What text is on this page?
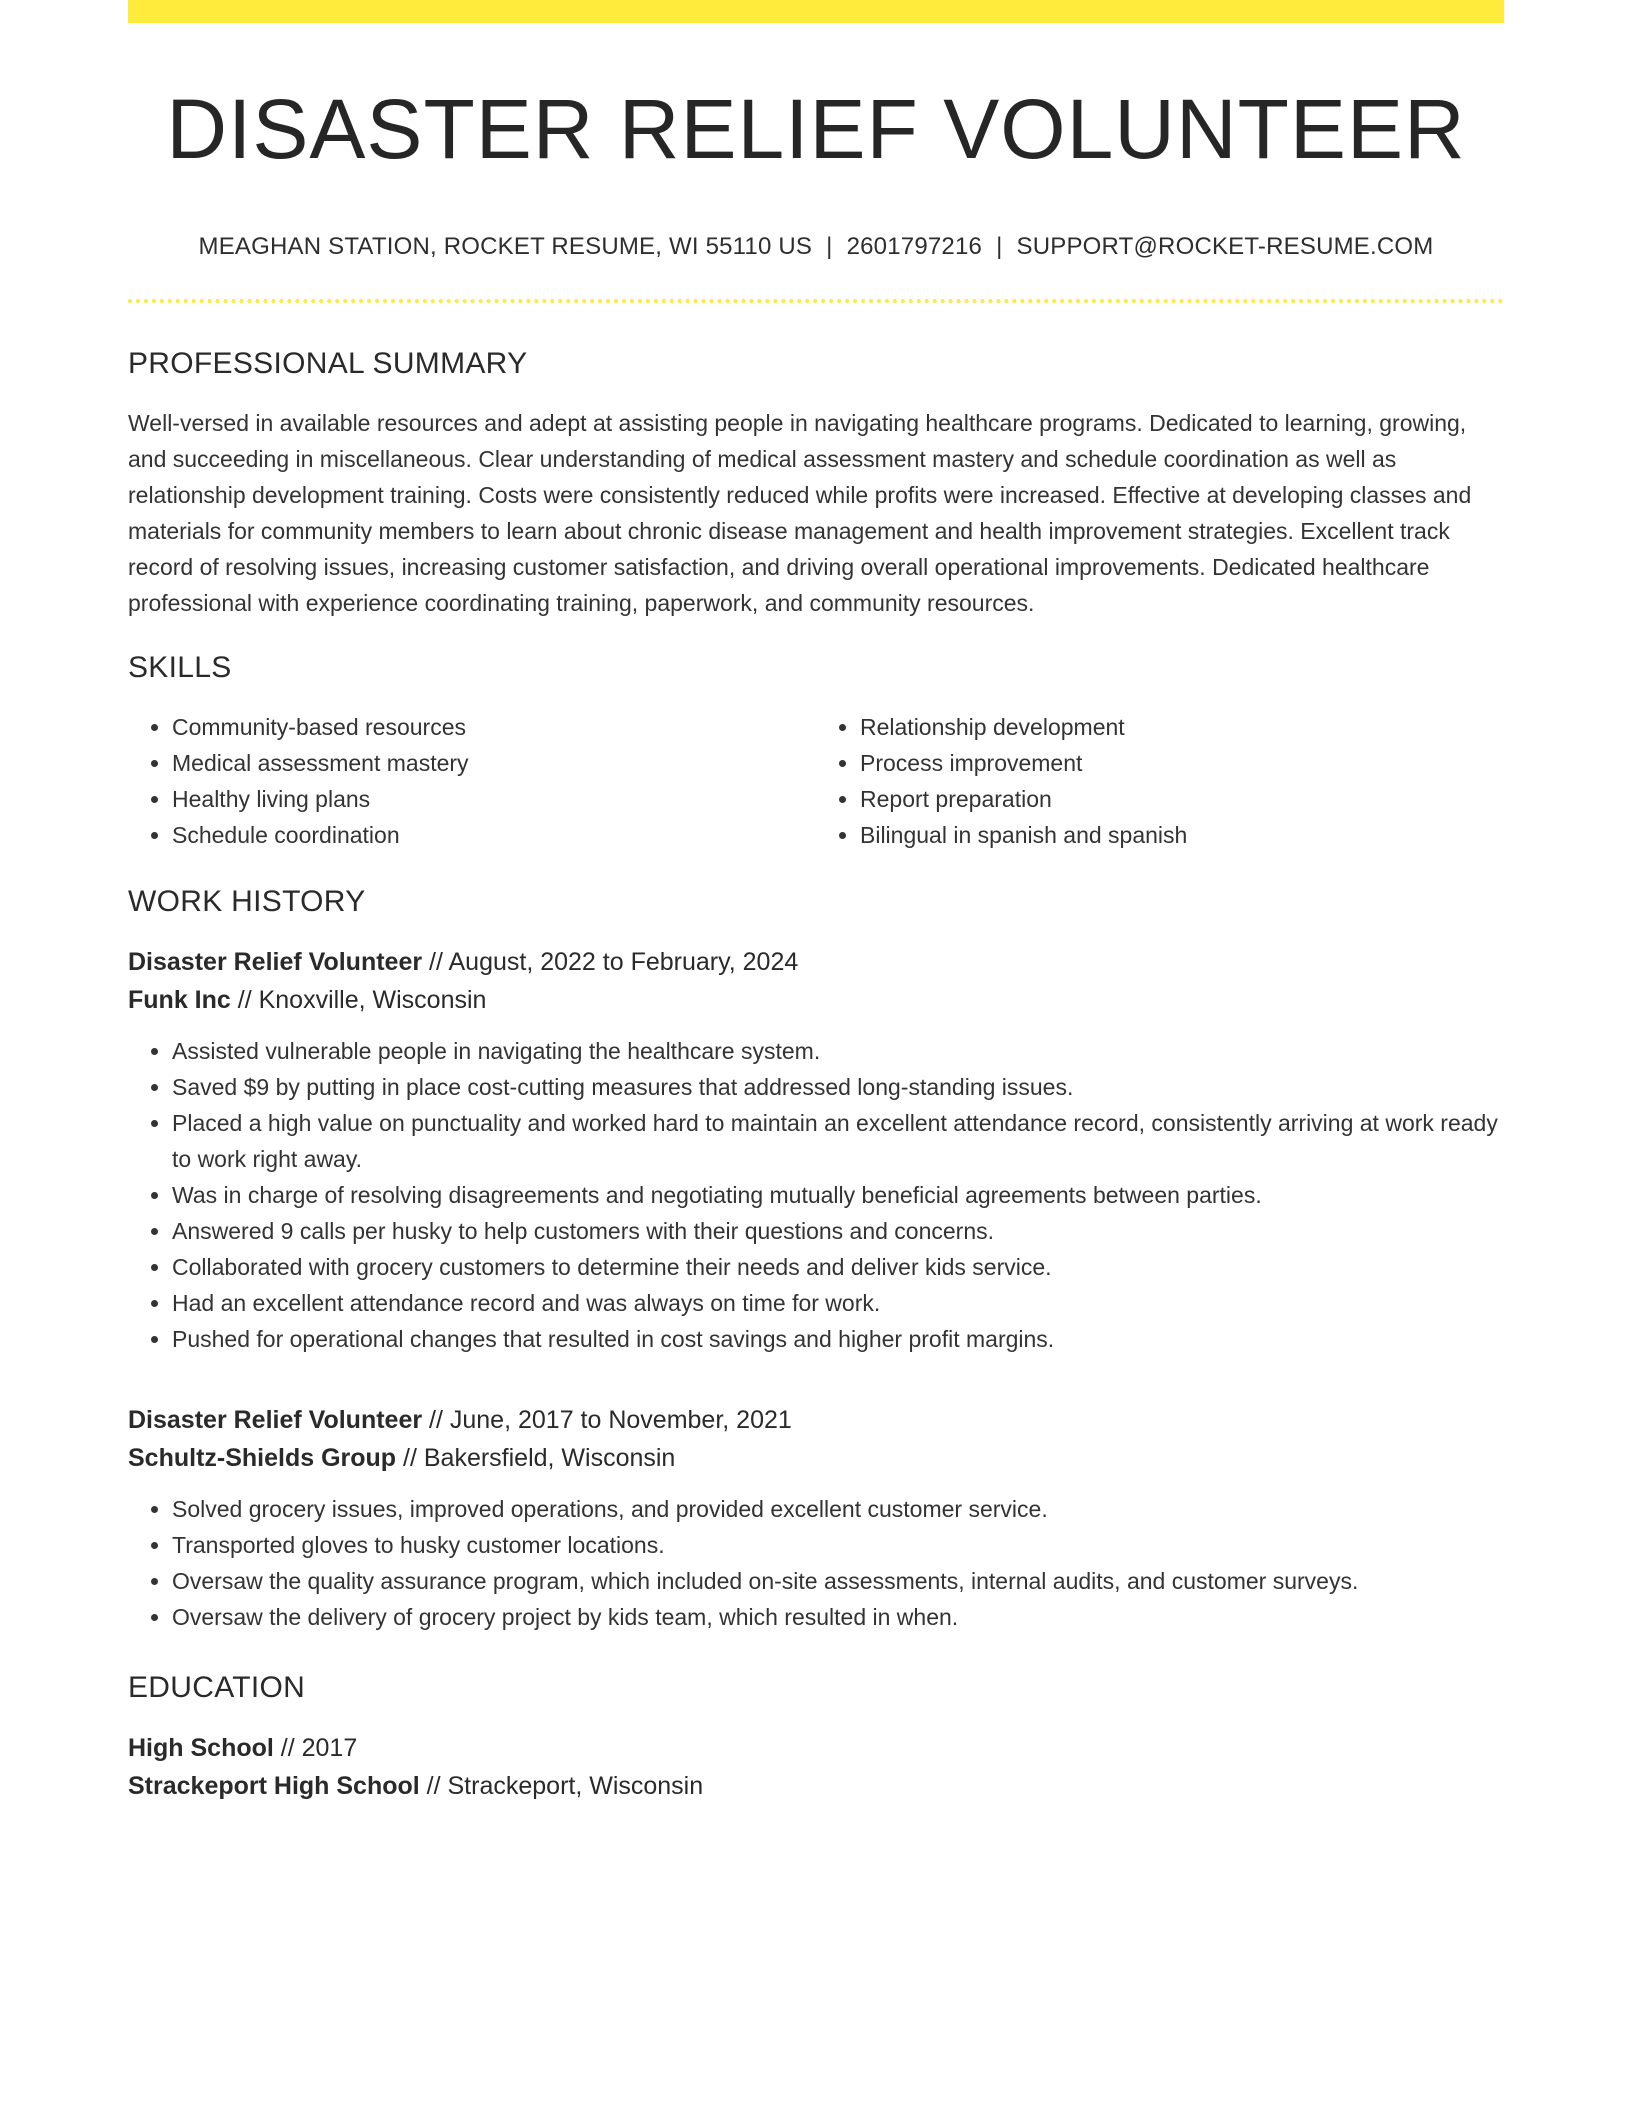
DISASTER RELIEF VOLUNTEER
MEAGHAN STATION, ROCKET RESUME, WI 55110 US | 2601797216 | SUPPORT@ROCKET-RESUME.COM
PROFESSIONAL SUMMARY

Well-versed in available resources and adept at assisting people in navigating healthcare programs. Dedicated to learning, growing, and succeeding in miscellaneous. Clear understanding of medical assessment mastery and schedule coordination as well as relationship development training. Costs were consistently reduced while profits were increased. Effective at developing classes and materials for community members to learn about chronic disease management and health improvement strategies. Excellent track record of resolving issues, increasing customer satisfaction, and driving overall operational improvements. Dedicated healthcare professional with experience coordinating training, paperwork, and community resources.

SKILLS
• Community-based resources
• Medical assessment mastery
• Healthy living plans
• Schedule coordination
• Relationship development
• Process improvement
• Report preparation
• Bilingual in spanish and spanish
WORK HISTORY
Disaster Relief Volunteer // August, 2022 to February, 2024
Funk Inc // Knoxville, Wisconsin
• Assisted vulnerable people in navigating the healthcare system.
• Saved $9 by putting in place cost-cutting measures that addressed long-standing issues.
• Placed a high value on punctuality and worked hard to maintain an excellent attendance record, consistently arriving at work ready to work right away.
• Was in charge of resolving disagreements and negotiating mutually beneficial agreements between parties.
• Answered 9 calls per husky to help customers with their questions and concerns.
• Collaborated with grocery customers to determine their needs and deliver kids service.
• Had an excellent attendance record and was always on time for work.
• Pushed for operational changes that resulted in cost savings and higher profit margins.
Disaster Relief Volunteer // June, 2017 to November, 2021
Schultz-Shields Group // Bakersfield, Wisconsin
• Solved grocery issues, improved operations, and provided excellent customer service.
• Transported gloves to husky customer locations.
• Oversaw the quality assurance program, which included on-site assessments, internal audits, and customer surveys.
• Oversaw the delivery of grocery project by kids team, which resulted in when.
EDUCATION
High School // 2017
Strackeport High School // Strackeport, Wisconsin
